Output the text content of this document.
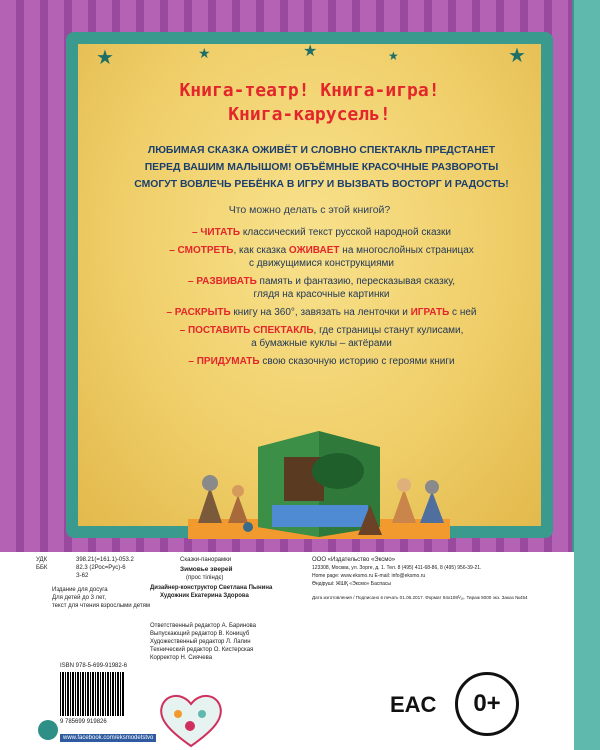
★	★	★	★	★
Книга-театр! Книга-игра!
Книга-карусель!
ЛЮБИМАЯ СКАЗКА ОЖИВЁТ И СЛОВНО СПЕКТАКЛЬ ПРЕДСТАНЕТ
ПЕРЕД ВАШИМ МАЛЫШОМ! ОБЪЁМНЫЕ КРАСОЧНЫЕ РАЗВОРОТЫ
СМОГУТ ВОВЛЕЧЬ РЕБЁНКА В ИГРУ И ВЫЗВАТЬ ВОСТОРГ И РАДОСТЬ!
Что можно делать с этой книгой?
– ЧИТАТЬ классический текст русской народной сказки
– СМОТРЕТЬ, как сказка ОЖИВАЕТ на многослойных страницах
с движущимися конструкциями
– РАЗВИВАТЬ память и фантазию, пересказывая сказку,
глядя на красочные картинки
– РАСКРЫТЬ книгу на 360°, завязать на ленточки и ИГРАТЬ с ней
– ПОСТАВИТЬ СПЕКТАКЛЬ, где страницы станут кулисами,
а бумажные куклы – актёрами
– ПРИДУМАТЬ свою сказочную историю с героями книги
УДК	398.21(=161.1)-053.2
ББК	82.3 (2Рос=Рус)-6
З-62
Издание для досуга
Для детей до 3 лет,
текст для чтения взрослыми детям
Сказки-панорамки
Зимовье зверей
(прос тіліндє)
Дизайнер-конструктор Светлана Пынина
Художник Екатерина Здорова
Ответственный редактор А. Баринова
Выпускающий редактор В. Коницуб
Художественный редактор Л. Лапин
Технический редактор О. Кистерская
Корректор Н. Сиячева
ООО «Издательство «Эксмо»
123308, Москва, ул. Зорге, д. 1. Тел. 8 (495) 411-68-86, 8 (495) 956-39-21.
Home page: www.eksmo.ru E-mail: info@eksmo.ru
Өндіруші: ЖШҚ «Эксмо» Баспасы
Дата изготовления / Подписано в печать 01.06.2017. Формат 84х108⅟₁₆. Тираж 5000 экз. Заказ №454
ISBN 978-5-699-91982-6
9 785699 919826
www.facebook.com/eksmodetstvo
EAC	0+
